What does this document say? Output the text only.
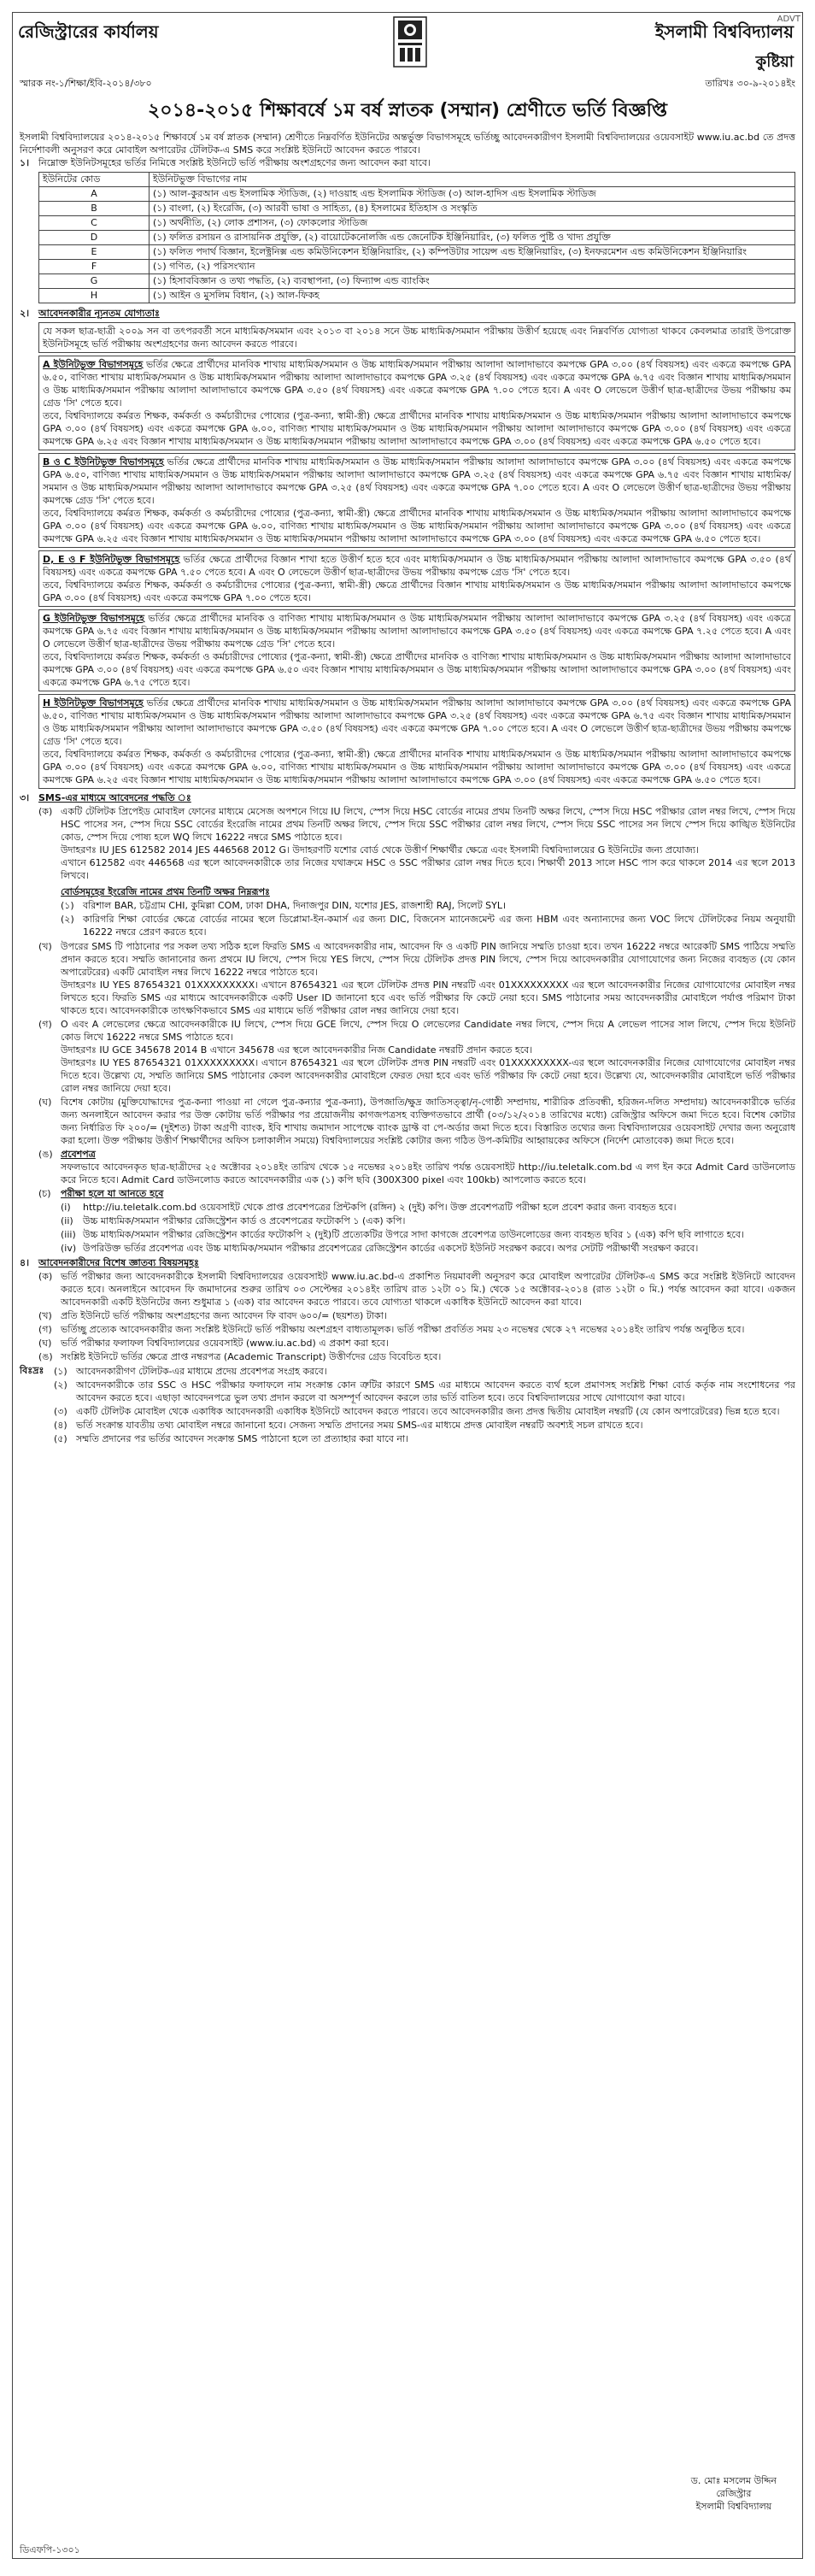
ADVT
রেজিস্ট্রারের কার্যালয়	ইসলামী বিশ্ববিদ্যালয়
কুষ্টিয়া
স্মারক নং-১/শিক্ষা/ইবি-২০১৪/৩৮০	তারিখঃ ৩০-৯-২০১৪ইং
২০১৪-২০১৫ শিক্ষাবর্ষে ১ম বর্ষ স্নাতক (সম্মান) শ্রেণীতে ভর্তি বিজ্ঞপ্তি
ইসলামী বিশ্ববিদ্যালয়ের ২০১৪-২০১৫ শিক্ষাবর্ষে ১ম বর্ষ স্নাতক (সম্মান) শ্রেণীতে নিম্নবর্ণিত ইউনিটের অন্তর্ভুক্ত বিভাগসমূহে ভর্তিচ্ছু আবেদনকারীগণ ইসলামী বিশ্ববিদ্যালয়ের ওয়েবসাইট www.iu.ac.bd তে প্রদত্ত নির্দেশাবলী অনুসরণ করে মোবাইল অপারেটর টেলিটক-এ SMS করে সংশ্লিষ্ট ইউনিটে আবেদন করতে পারবে।
১। নিম্নোক্ত ইউনিটসমূহের ভর্তির নিমিত্তে সংশ্লিষ্ট ইউনিটে ভর্তি পরীক্ষায় অংশগ্রহণের জন্য আবেদন করা যাবে।
ইউনিটের কোড	ইউনিটভুক্ত বিভাগের নাম
A	(১) আল-কুরআন এন্ড ইসলামিক স্টাডিজ, (২) দাওয়াহ এন্ড ইসলামিক স্টাডিজ (৩) আল-হাদিস এন্ড ইসলামিক স্টাডিজ
B	(১) বাংলা, (২) ইংরেজি, (৩) আরবী ভাষা ও সাহিত্য, (৪) ইসলামের ইতিহাস ও সংস্কৃতি
C	(১) অর্থনীতি, (২) লোক প্রশাসন, (৩) ফোকলোর স্টাডিজ
D	(১) ফলিত রসায়ন ও রাসায়নিক প্রযুক্তি, (২) বায়োটেকনোলজি এন্ড জেনেটিক ইঞ্জিনিয়ারিং, (৩) ফলিত পুষ্টি ও খাদ্য প্রযুক্তি
E	(১) ফলিত পদার্থ বিজ্ঞান, ইলেক্ট্রনিক্স এন্ড কমিউনিকেশন ইঞ্জিনিয়ারিং, (২) কম্পিউটার সায়েন্স এন্ড ইঞ্জিনিয়ারিং, (৩) ইনফরমেশন এন্ড কমিউনিকেশন ইঞ্জিনিয়ারিং
F	(১) গণিত, (২) পরিসংখ্যান
G	(১) হিসাববিজ্ঞান ও তথ্য পদ্ধতি, (২) ব্যবস্থাপনা, (৩) ফিন্যান্স এন্ড ব্যাংকিং
H	(১) আইন ও মুসলিম বিধান, (২) আল-ফিকহ
২। আবেদনকারীর ন্যূনতম যোগ্যতাঃ
যে সকল ছাত্র-ছাত্রী ২০০৯ সন বা তৎপরবর্তী সনে মাধ্যমিক/সমমান এবং ২০১৩ বা ২০১৪ সনে উচ্চ মাধ্যমিক/সমমান পরীক্ষায় উত্তীর্ণ হয়েছে এবং নিম্নবর্ণিত যোগ্যতা থাকবে কেবলমাত্র তারাই উপরোক্ত ইউনিটসমূহে ভর্তি পরীক্ষায় অংশগ্রহণের জন্য আবেদন করতে পারবে।
A ইউনিটভুক্ত বিভাগসমূহে ভর্তির ক্ষেত্রে প্রার্থীদের মানবিক শাখায় মাধ্যমিক/সমমান ও উচ্চ মাধ্যমিক/সমমান পরীক্ষায় আলাদা আলাদাভাবে কমপক্ষে GPA ৩.০০ (৪র্থ বিষয়সহ) এবং একত্রে কমপক্ষে GPA ৬.৫০, বাণিজ্য শাখায় মাধ্যমিক/সমমান ও উচ্চ মাধ্যমিক/সমমান পরীক্ষায় আলাদা আলাদাভাবে কমপক্ষে GPA ৩.২৫ (৪র্থ বিষয়সহ) এবং একত্রে কমপক্ষে GPA ৬.৭৫ এবং বিজ্ঞান শাখায় মাধ্যমিক/সমমান ও উচ্চ মাধ্যমিক/সমমান পরীক্ষায় আলাদা আলাদাভাবে কমপক্ষে GPA ৩.৫০ (৪র্থ বিষয়সহ) এবং একত্রে কমপক্ষে GPA ৭.০০ পেতে হবে। A এবং O লেভেলে উত্তীর্ণ ছাত্র-ছাত্রীদের উভয় পরীক্ষায় কম গ্রেড 'সি' পেতে হবে।
তবে, বিশ্ববিদ্যালয়ে কর্মরত শিক্ষক, কর্মকর্তা ও কর্মচারীদের পোষ্যের (পুত্র-কন্যা, স্বামী-স্ত্রী) ক্ষেত্রে প্রার্থীদের মানবিক শাখায় মাধ্যমিক/সমমান ও উচ্চ মাধ্যমিক/সমমান পরীক্ষায় আলাদা আলাদাভাবে কমপক্ষে GPA ৩.০০ (৪র্থ বিষয়সহ) এবং একত্রে কমপক্ষে GPA ৬.০০, বাণিজ্য শাখায় মাধ্যমিক/সমমান ও উচ্চ মাধ্যমিক/সমমান পরীক্ষায় আলাদা আলাদাভাবে কমপক্ষে GPA ৩.০০ (৪র্থ বিষয়সহ) এবং একত্রে কমপক্ষে GPA ৬.২৫ এবং বিজ্ঞান শাখায় মাধ্যমিক/সমমান ও উচ্চ মাধ্যমিক/সমমান পরীক্ষায় আলাদা আলাদাভাবে কমপক্ষে GPA ৩.০০ (৪র্থ বিষয়সহ) এবং একত্রে কমপক্ষে GPA ৬.৫০ পেতে হবে।
B ও C ইউনিটভুক্ত বিভাগসমূহে ভর্তির ক্ষেত্রে প্রার্থীদের মানবিক শাখায় মাধ্যমিক/সমমান ও উচ্চ মাধ্যমিক/সমমান পরীক্ষায় আলাদা আলাদাভাবে কমপক্ষে GPA ৩.০০ (৪র্থ বিষয়সহ) এবং একত্রে কমপক্ষে GPA ৬.৫০, বাণিজ্য শাখায় মাধ্যমিক/সমমান ও উচ্চ মাধ্যমিক/সমমান পরীক্ষায় আলাদা আলাদাভাবে কমপক্ষে GPA ৩.২৫ (৪র্থ বিষয়সহ) এবং একত্রে কমপক্ষে GPA ৬.৭৫ এবং বিজ্ঞান শাখায় মাধ্যমিক/সমমান ও উচ্চ মাধ্যমিক/সমমান পরীক্ষায় আলাদা আলাদাভাবে কমপক্ষে GPA ৩.২৫ (৪র্থ বিষয়সহ) এবং একত্রে কমপক্ষে GPA ৭.০০ পেতে হবে। A এবং O লেভেলে উত্তীর্ণ ছাত্র-ছাত্রীদের উভয় পরীক্ষায় কমপক্ষে গ্রেড 'সি' পেতে হবে।
তবে, বিশ্ববিদ্যালয়ে কর্মরত শিক্ষক, কর্মকর্তা ও কর্মচারীদের পোষ্যের (পুত্র-কন্যা, স্বামী-স্ত্রী) ক্ষেত্রে প্রার্থীদের মানবিক শাখায় মাধ্যমিক/সমমান ও উচ্চ মাধ্যমিক/সমমান পরীক্ষায় আলাদা আলাদাভাবে কমপক্ষে GPA ৩.০০ (৪র্থ বিষয়সহ) এবং একত্রে কমপক্ষে GPA ৬.০০, বাণিজ্য শাখায় মাধ্যমিক/সমমান ও উচ্চ মাধ্যমিক/সমমান পরীক্ষায় আলাদা আলাদাভাবে কমপক্ষে GPA ৩.০০ (৪র্থ বিষয়সহ) এবং একত্রে কমপক্ষে GPA ৬.২৫ এবং বিজ্ঞান শাখায় মাধ্যমিক/সমমান ও উচ্চ মাধ্যমিক/সমমান পরীক্ষায় আলাদা আলাদাভাবে কমপক্ষে GPA ৩.০০ (৪র্থ বিষয়সহ) এবং একত্রে কমপক্ষে GPA ৬.৫০ পেতে হবে।
D, E ও F ইউনিটভুক্ত বিভাগসমূহে ভর্তির ক্ষেত্রে প্রার্থীদের বিজ্ঞান শাখা হতে উত্তীর্ণ হতে হবে এবং মাধ্যমিক/সমমান ও উচ্চ মাধ্যমিক/সমমান পরীক্ষায় আলাদা আলাদাভাবে কমপক্ষে GPA ৩.৫০ (৪র্থ বিষয়সহ) এবং একত্রে কমপক্ষে GPA ৭.৫০ পেতে হবে। A এবং O লেভেলে উত্তীর্ণ ছাত্র-ছাত্রীদের উভয় পরীক্ষায় কমপক্ষে গ্রেড 'সি' পেতে হবে।
তবে, বিশ্ববিদ্যালয়ে কর্মরত শিক্ষক, কর্মকর্তা ও কর্মচারীদের পোষ্যের (পুত্র-কন্যা, স্বামী-স্ত্রী) ক্ষেত্রে প্রার্থীদের বিজ্ঞান শাখায় মাধ্যমিক/সমমান ও উচ্চ মাধ্যমিক/সমমান পরীক্ষায় আলাদা আলাদাভাবে কমপক্ষে GPA ৩.০০ (৪র্থ বিষয়সহ) এবং একত্রে কমপক্ষে GPA ৭.০০ পেতে হবে।
G ইউনিটভুক্ত বিভাগসমূহে ভর্তির ক্ষেত্রে প্রার্থীদের মানবিক ও বাণিজ্য শাখায় মাধ্যমিক/সমমান ও উচ্চ মাধ্যমিক/সমমান পরীক্ষায় আলাদা আলাদাভাবে কমপক্ষে GPA ৩.২৫ (৪র্থ বিষয়সহ) এবং একত্রে কমপক্ষে GPA ৬.৭৫ এবং বিজ্ঞান শাখায় মাধ্যমিক/সমমান ও উচ্চ মাধ্যমিক/সমমান পরীক্ষায় আলাদা আলাদাভাবে কমপক্ষে GPA ৩.৫০ (৪র্থ বিষয়সহ) এবং একত্রে কমপক্ষে GPA ৭.২৫ পেতে হবে। A এবং O লেভেলে উত্তীর্ণ ছাত্র-ছাত্রীদের উভয় পরীক্ষায় কমপক্ষে গ্রেড 'সি' পেতে হবে।
তবে, বিশ্ববিদ্যালয়ে কর্মরত শিক্ষক, কর্মকর্তা ও কর্মচারীদের পোষ্যের (পুত্র-কন্যা, স্বামী-স্ত্রী) ক্ষেত্রে প্রার্থীদের মানবিক ও বাণিজ্য শাখায় মাধ্যমিক/সমমান ও উচ্চ মাধ্যমিক/সমমান পরীক্ষায় আলাদা আলাদাভাবে কমপক্ষে GPA ৩.০০ (৪র্থ বিষয়সহ) এবং একত্রে কমপক্ষে GPA ৬.৫০ এবং বিজ্ঞান শাখায় মাধ্যমিক/সমমান ও উচ্চ মাধ্যমিক/সমমান পরীক্ষায় আলাদা আলাদাভাবে কমপক্ষে GPA ৩.০০ (৪র্থ বিষয়সহ) এবং একত্রে কমপক্ষে GPA ৬.৭৫ পেতে হবে।
H ইউনিটভুক্ত বিভাগসমূহে ভর্তির ক্ষেত্রে প্রার্থীদের মানবিক শাখায় মাধ্যমিক/সমমান ও উচ্চ মাধ্যমিক/সমমান পরীক্ষায় আলাদা আলাদাভাবে কমপক্ষে GPA ৩.০০ (৪র্থ বিষয়সহ) এবং একত্রে কমপক্ষে GPA ৬.৫০, বাণিজ্য শাখায় মাধ্যমিক/সমমান ও উচ্চ মাধ্যমিক/সমমান পরীক্ষায় আলাদা আলাদাভাবে কমপক্ষে GPA ৩.২৫ (৪র্থ বিষয়সহ) এবং একত্রে কমপক্ষে GPA ৬.৭৫ এবং বিজ্ঞান শাখায় মাধ্যমিক/সমমান ও উচ্চ মাধ্যমিক/সমমান পরীক্ষায় আলাদা আলাদাভাবে কমপক্ষে GPA ৩.৫০ (৪র্থ বিষয়সহ) এবং একত্রে কমপক্ষে GPA ৭.০০ পেতে হবে। A এবং O লেভেলে উত্তীর্ণ ছাত্র-ছাত্রীদের উভয় পরীক্ষায় কমপক্ষে গ্রেড 'সি' পেতে হবে।
তবে, বিশ্ববিদ্যালয়ে কর্মরত শিক্ষক, কর্মকর্তা ও কর্মচারীদের পোষ্যের (পুত্র-কন্যা, স্বামী-স্ত্রী) ক্ষেত্রে প্রার্থীদের মানবিক শাখায় মাধ্যমিক/সমমান ও উচ্চ মাধ্যমিক/সমমান পরীক্ষায় আলাদা আলাদাভাবে কমপক্ষে GPA ৩.০০ (৪র্থ বিষয়সহ) এবং একত্রে কমপক্ষে GPA ৬.০০, বাণিজ্য শাখায় মাধ্যমিক/সমমান ও উচ্চ মাধ্যমিক/সমমান পরীক্ষায় আলাদা আলাদাভাবে কমপক্ষে GPA ৩.০০ (৪র্থ বিষয়সহ) এবং একত্রে কমপক্ষে GPA ৬.২৫ এবং বিজ্ঞান শাখায় মাধ্যমিক/সমমান ও উচ্চ মাধ্যমিক/সমমান পরীক্ষায় আলাদা আলাদাভাবে কমপক্ষে GPA ৩.০০ (৪র্থ বিষয়সহ) এবং একত্রে কমপক্ষে GPA ৬.৫০ পেতে হবে।
৩। SMS-এর মাধ্যমে আবেদনের পদ্ধতি ঃ
(ক) একটি টেলিটক প্রিপেইড মোবাইল ফোনের মাধ্যমে মেসেজ অপশনে গিয়ে IU লিখে, স্পেস দিয়ে HSC বোর্ডের নামের প্রথম তিনটি অক্ষর লিখে, স্পেস দিয়ে HSC পরীক্ষার রোল নম্বর লিখে, স্পেস দিয়ে HSC পাসের সন, স্পেস দিয়ে SSC বোর্ডের ইংরেজি নামের প্রথম তিনটি অক্ষর লিখে, স্পেস দিয়ে SSC পরীক্ষার রোল নম্বর লিখে, স্পেস দিয়ে SSC পাসের সন লিখে স্পেস দিয়ে কাঙ্খিত ইউনিটের কোড, স্পেস দিয়ে পোষ্য হলে WQ লিখে 16222 নম্বরে SMS পাঠাতে হবে।
উদাহরণঃ IU JES 612582 2014 JES 446568 2012 G। উদাহরণটি যশোর বোর্ড থেকে উত্তীর্ণ শিক্ষার্থীর ক্ষেত্রে এবং ইসলামী বিশ্ববিদ্যালয়ের G ইউনিটের জন্য প্রযোজ্য।
এখানে 612582 এবং 446568 এর স্থলে আবেদনকারীকে তার নিজের যথাক্রমে HSC ও SSC পরীক্ষার রোল নম্বর দিতে হবে। শিক্ষার্থী 2013 সালে HSC পাস করে থাকলে 2014 এর স্থলে 2013 লিখবে।
বোর্ডসমূহের ইংরেজি নামের প্রথম তিনটি অক্ষর নিম্নরূপঃ
(১) বরিশাল BAR, চট্টগ্রাম CHI, কুমিল্লা COM, ঢাকা DHA, দিনাজপুর DIN, যশোর JES, রাজশাহী RAJ, সিলেট SYL।
(২) কারিগরি শিক্ষা বোর্ডের ক্ষেত্রে বোর্ডের নামের স্থলে ডিপ্লোমা-ইন-কমার্স এর জন্য DIC, বিজনেস ম্যানেজমেন্ট এর জন্য HBM এবং অন্যান্যদের জন্য VOC লিখে টেলিটকের নিয়ম অনুযায়ী 16222 নম্বরে প্রেরণ করতে হবে।
(খ) উপরের SMS টি পাঠানোর পর সকল তথ্য সঠিক হলে ফিরতি SMS এ আবেদনকারীর নাম, আবেদন ফি ও একটি PIN জানিয়ে সম্মতি চাওয়া হবে। তখন 16222 নম্বরে আরেকটি SMS পাঠিয়ে সম্মতি প্রদান করতে হবে। সম্মতি জানানোর জন্য প্রথমে IU লিখে, স্পেস দিয়ে YES লিখে, স্পেস দিয়ে টেলিটক প্রদত্ত PIN লিখে, স্পেস দিয়ে আবেদনকারীর যোগাযোগের জন্য নিজের ব্যবহৃত (যে কোন অপারেটরের) একটি মোবাইল নম্বর লিখে 16222 নম্বরে পাঠাতে হবে।
উদাহরণঃ IU YES 87654321 01XXXXXXXXX। এখানে 87654321 এর স্থলে টেলিটক প্রদত্ত PIN নম্বরটি এবং 01XXXXXXXXX এর স্থলে আবেদনকারীর নিজের যোগাযোগের মোবাইল নম্বর লিখতে হবে। ফিরতি SMS এর মাধ্যমে আবেদনকারীকে একটি User ID জানানো হবে এবং ভর্তি পরীক্ষার ফি কেটে নেয়া হবে। SMS পাঠানোর সময় আবেদনকারীর মোবাইলে পর্যাপ্ত পরিমাণ টাকা থাকতে হবে। আবেদনকারীকে তাৎক্ষণিকভাবে SMS এর মাধ্যমে ভর্তি পরীক্ষার রোল নম্বর জানিয়ে দেয়া হবে।
(গ) O এবং A লেভেলের ক্ষেত্রে আবেদনকারীকে IU লিখে, স্পেস দিয়ে GCE লিখে, স্পেস দিয়ে O লেভেলের Candidate নম্বর লিখে, স্পেস দিয়ে A লেভেল পাসের সাল লিখে, স্পেস দিয়ে ইউনিট কোড লিখে 16222 নম্বরে SMS পাঠাতে হবে।
উদাহরণঃ IU GCE 345678 2014 B এখানে 345678 এর স্থলে আবেদনকারীর নিজ Candidate নম্বরটি প্রদান করতে হবে।
উদাহরণঃ IU YES 87654321 01XXXXXXXXX। এখানে 87654321 এর স্থলে টেলিটক প্রদত্ত PIN নম্বরটি এবং 01XXXXXXXXX-এর স্থলে আবেদনকারীর নিজের যোগাযোগের মোবাইল নম্বর দিতে হবে। উল্লেখ্য যে, সম্মতি জানিয়ে SMS পাঠানোর কেবল আবেদনকারীর মোবাইলে ফেরত দেয়া হবে এবং ভর্তি পরীক্ষার ফি কেটে নেয়া হবে। উল্লেখ্য যে, আবেদনকারীর মোবাইলে ভর্তি পরীক্ষার রোল নম্বর জানিয়ে দেয়া হবে।
(ঘ) বিশেষ কোটায় (মুক্তিযোদ্ধাদের পুত্র-কন্যা পাওয়া না গেলে পুত্র-কন্যার পুত্র-কন্যা), উপজাতি/ক্ষুদ্র জাতিসত্ত্বা/নৃ-গোষ্ঠী সম্প্রদায়, শারীরিক প্রতিবন্ধী, হরিজন-দলিত সম্প্রদায়) আবেদনকারীকে ভর্তির জন্য অনলাইনে আবেদন করার পর উক্ত কোটায় ভর্তি পরীক্ষার পর প্রয়োজনীয় কাগজপত্রসহ ব্যক্তিগতভাবে প্রার্থী (০৩/১২/২০১৪ তারিখের মধ্যে) রেজিস্ট্রার অফিসে জমা দিতে হবে। বিশেষ কোটার জন্য নির্ধারিত ফি ২০০/= (দুইশত) টাকা অগ্রণী ব্যাংক, ইবি শাখায় জমাদান সাপেক্ষে ব্যাংক ড্রাফ্ট বা পে-অর্ডার জমা দিতে হবে। বিস্তারিত তথ্যের জন্য বিশ্ববিদ্যালয়ের ওয়েবসাইট দেখার জন্য অনুরোধ করা হলো। উক্ত পরীক্ষায় উত্তীর্ণ শিক্ষার্থীদের অফিস চলাকালীন সময়ে) বিশ্ববিদ্যালয়ের সংশ্লিষ্ট কোটার জন্য গঠিত উপ-কমিটির আহ্বায়কের অফিসে (নির্দেশ মোতাবেক) জমা দিতে হবে।
(ঙ) প্রবেশপত্র
সফলভাবে আবেদনকৃত ছাত্র-ছাত্রীদের ২৫ অক্টোবর ২০১৪ইং তারিখ থেকে ১৫ নভেম্বর ২০১৪ইং তারিখ পর্যন্ত ওয়েবসাইট http://iu.teletalk.com.bd এ লগ ইন করে Admit Card ডাউনলোড করে নিতে হবে। Admit Card ডাউনলোড করতে আবেদনকারীর এক (১) কপি ছবি (300X300 pixel এবং 100kb) আপলোড করতে হবে।
(চ)	পরীক্ষা হলে যা আনতে হবে
(i)	http://iu.teletalk.com.bd ওয়েবসাইট থেকে প্রাপ্ত প্রবেশপত্রের প্রিন্টকপি (রঙ্গিন) ২ (দুই) কপি। উক্ত প্রবেশপত্রটি পরীক্ষা হলে প্রবেশ করার জন্য ব্যবহৃত হবে।
(ii)	উচ্চ মাধ্যমিক/সমমান পরীক্ষার রেজিস্ট্রেশন কার্ড ও প্রবেশপত্রের ফটোকপি ১ (এক) কপি।
(iii) উচ্চ মাধ্যমিক/সমমান পরীক্ষার রেজিস্ট্রেশন কার্ডের ফটোকপি ২ (দুই)টি প্রত্যেকটির উপরে সাদা কাগজে প্রবেশপত্র ডাউনলোডের জন্য ব্যবহৃত ছবির ১ (এক) কপি ছবি লাগাতে হবে।
(iv) উপরিউক্ত ভর্তির প্রবেশপত্র এবং উচ্চ মাধ্যমিক/সমমান পরীক্ষার প্রবেশপত্রের রেজিস্ট্রেশন কার্ডের একসেট ইউনিট সংরক্ষণ করবে। অপর সেটটি পরীক্ষার্থী সংরক্ষণ করবে।
৪। আবেদনকারীদের বিশেষ জ্ঞাতব্য বিষয়সমূহঃ
(ক) ভর্তি পরীক্ষার জন্য আবেদনকারীকে ইসলামী বিশ্ববিদ্যালয়ের ওয়েবসাইট www.iu.ac.bd-এ প্রকাশিত নিয়মাবলী অনুসরণ করে মোবাইল অপারেটর টেলিটক-এ SMS করে সংশ্লিষ্ট ইউনিটে আবেদন করতে হবে। অনলাইনে আবেদন ফি জমাদানের শুরুর তারিখ ০৩ সেপ্টেম্বর ২০১৪ইং তারিখ রাত ১২টা ০১ মি.) থেকে ১৫ অক্টোবর-২০১৪ (রাত ১২টা ০ মি.) পর্যন্ত আবেদন করা যাবে। একজন আবেদনকারী একটি ইউনিটের জন্য শুধুমাত্র ১ (এক) বার আবেদন করতে পারবে। তবে যোগ্যতা থাকলে একাধিক ইউনিটে আবেদন করা যাবে।
(খ) প্রতি ইউনিটে ভর্তি পরীক্ষায় অংশগ্রহণের জন্য আবেদন ফি বাবদ ৬০০/= (ছয়শত) টাকা।
(গ) ভর্তিচ্ছু প্রত্যেক আবেদনকারীর জন্য সংশ্লিষ্ট ইউনিটে ভর্তি পরীক্ষায় অংশগ্রহণ বাধ্যতামূলক। ভর্তি পরীক্ষা প্রবর্তিত সময় ২৩ নভেম্বর থেকে ২৭ নভেম্বর ২০১৪ইং তারিখ পর্যন্ত অনুষ্ঠিত হবে।
(ঘ) ভর্তি পরীক্ষার ফলাফল বিশ্ববিদ্যালয়ের ওয়েবসাইট (www.iu.ac.bd) এ প্রকাশ করা হবে।
(ঙ) সংশ্লিষ্ট ইউনিটে ভর্তির ক্ষেত্রে প্রাপ্ত নম্বরপত্র (Academic Transcript) উত্তীর্ণদের গ্রেড বিবেচিত হবে।
বিঃদ্রঃ	(১) আবেদনকারীগণ টেলিটক-এর মাধ্যমে প্রদেয় প্রবেশপত্র সংগ্রহ করবে।
(২) আবেদনকারীকে তার SSC ও HSC পরীক্ষার ফলাফলে নাম সংক্রান্ত কোন ত্রুটির কারণে SMS এর মাধ্যমে আবেদন করতে ব্যর্থ হলে প্রমাণসহ সংশ্লিষ্ট শিক্ষা বোর্ড কর্তৃক নাম সংশোধনের পর আবেদন করতে হবে। এছাড়া আবেদনপত্রে ভুল তথ্য প্রদান করলে বা অসম্পূর্ণ আবেদন করলে তার ভর্তি বাতিল হবে। তবে বিশ্ববিদ্যালয়ের সাথে যোগাযোগ করা যাবে।
(৩) একটি টেলিটক মোবাইল থেকে একাধিক আবেদনকারী একাধিক ইউনিটে আবেদন করতে পারবে। তবে আবেদনকারীর জন্য প্রদত্ত দ্বিতীয় মোবাইল নম্বরটি (যে কোন অপারেটরের) ভিন্ন হতে হবে।
(৪) ভর্তি সংক্রান্ত যাবতীয় তথ্য মোবাইল নম্বরে জানানো হবে। সেজন্য সম্মতি প্রদানের সময় SMS-এর মাধ্যমে প্রদত্ত মোবাইল নম্বরটি অবশ্যই সচল রাখতে হবে।
(৫) সম্মতি প্রদানের পর ভর্তির আবেদন সংক্রান্ত SMS পাঠানো হলে তা প্রত্যাহার করা যাবে না।
ড. মোঃ মসলেম উদ্দিন
রেজিস্ট্রার
ইসলামী বিশ্ববিদ্যালয়
ডিএফপি-১৩০১
